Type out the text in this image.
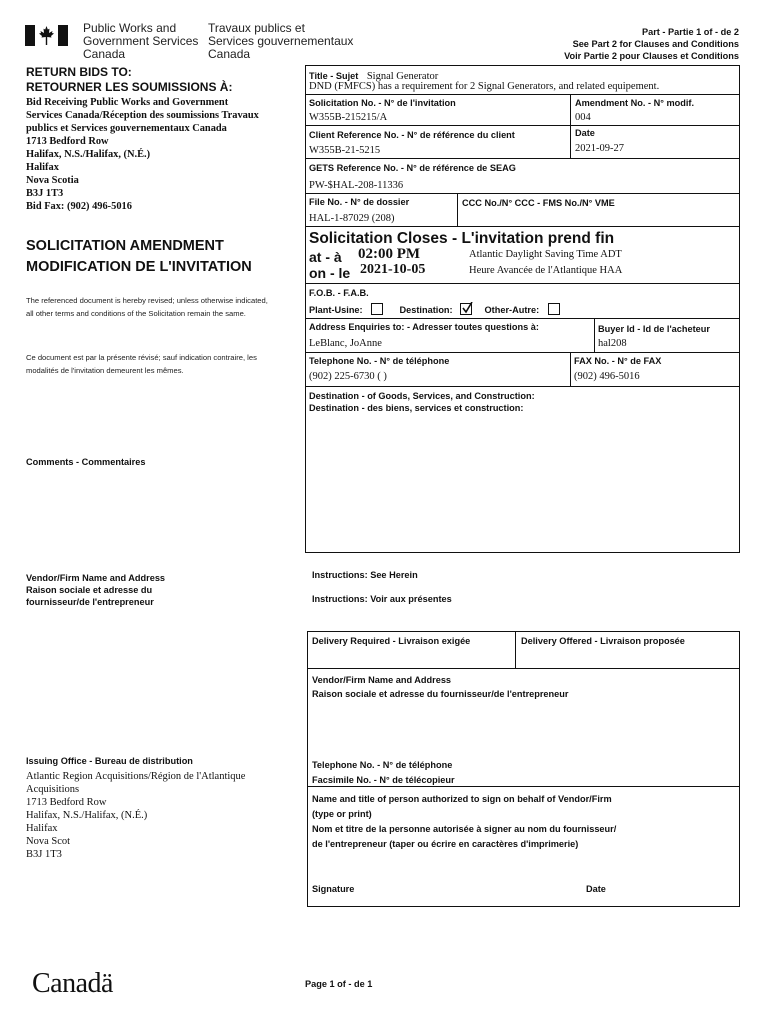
Public Works and
Government Services
Canada
Travaux publics et
Services gouvernementaux
Canada
Part - Partie 1 of - de 2
See Part 2 for Clauses and Conditions
Voir Partie 2 pour Clauses et Conditions
RETURN BIDS TO:
RETOURNER LES SOUMISSIONS À:
Bid Receiving Public Works and Government
Services Canada/Réception des soumissions Travaux
publics et Services gouvernementaux Canada
1713 Bedford Row
Halifax, N.S./Halifax, (N.É.)
Halifax
Nova Scotia
B3J 1T3
Bid Fax: (902) 496-5016
SOLICITATION AMENDMENT
MODIFICATION DE L'INVITATION
The referenced document is hereby revised; unless otherwise indicated, all other terms and conditions of the Solicitation remain the same.
Ce document est par la présente révisé; sauf indication contraire, les modalités de l'invitation demeurent les mêmes.
Comments - Commentaires
Vendor/Firm Name and Address
Raison sociale et adresse du
fournisseur/de l'entrepreneur
Issuing Office - Bureau de distribution
Atlantic Region Acquisitions/Région de l'Atlantique
Acquisitions
1713 Bedford Row
Halifax, N.S./Halifax, (N.É.)
Halifax
Nova Scot
B3J 1T3
Title - Sujet Signal Generator
DND (FMFCS) has a requirement for 2 Signal Generators, and related equipement.
Solicitation No. - N° de l'invitation
W355B-215215/A
Amendment No. - N° modif.
004
Client Reference No. - N° de référence du client
W355B-21-5215
Date
2021-09-27
GETS Reference No. - N° de référence de SEAG
PW-$HAL-208-11336
File No. - N° de dossier
HAL-1-87029 (208)
CCC No./N° CCC - FMS No./N° VME
Solicitation Closes - L'invitation prend fin
at - à 02:00 PM
on - le 2021-10-05
Atlantic Daylight Saving Time ADT
Heure Avancée de l'Atlantique HAA
F.O.B. - F.A.B.
Plant-Usine:	Destination:	Other-Autre:
Address Enquiries to: - Adresser toutes questions à:
LeBlanc, JoAnne
Buyer Id - Id de l'acheteur
hal208
Telephone No. - N° de téléphone
(902) 225-6730 ( )
FAX No. - N° de FAX
(902) 496-5016
Destination - of Goods, Services, and Construction:
Destination - des biens, services et construction:
Instructions: See Herein
Instructions: Voir aux présentes
Delivery Required - Livraison exigée	Delivery Offered - Livraison proposée
Vendor/Firm Name and Address
Raison sociale et adresse du fournisseur/de l'entrepreneur
Telephone No. - N° de téléphone
Facsimile No. - N° de télécopieur
Name and title of person authorized to sign on behalf of Vendor/Firm
(type or print)
Nom et titre de la personne autorisée à signer au nom du fournisseur/
de l'entrepreneur (taper ou écrire en caractères d'imprimerie)
Signature	Date
Canadä	Page 1 of - de 1
